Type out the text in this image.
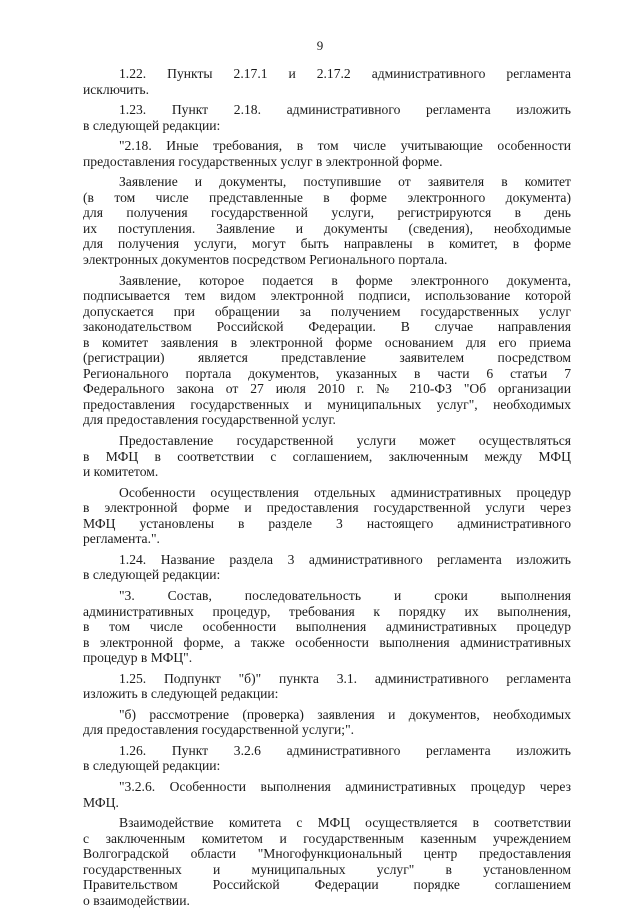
9
1.22. Пункты 2.17.1 и 2.17.2 административного регламента
исключить.
1.23. Пункт 2.18. административного регламента изложить
в следующей редакции:
"2.18. Иные требования, в том числе учитывающие особенности
предоставления государственных услуг в электронной форме.
Заявление и документы, поступившие от заявителя в комитет
(в том числе представленные в форме электронного документа)
для получения государственной услуги, регистрируются в день
их поступления. Заявление и документы (сведения), необходимые
для получения услуги, могут быть направлены в комитет, в форме
электронных документов посредством Регионального портала.
Заявление, которое подается в форме электронного документа,
подписывается тем видом электронной подписи, использование которой
допускается при обращении за получением государственных услуг
законодательством Российской Федерации. В случае направления
в комитет заявления в электронной форме основанием для его приема
(регистрации) является представление заявителем посредством
Регионального портала документов, указанных в части 6 статьи 7
Федерального закона от 27 июля 2010 г. № 210-ФЗ "Об организации
предоставления государственных и муниципальных услуг", необходимых
для предоставления государственной услуг.
Предоставление государственной услуги может осуществляться
в МФЦ в соответствии с соглашением, заключенным между МФЦ
и комитетом.
Особенности осуществления отдельных административных процедур
в электронной форме и предоставления государственной услуги через
МФЦ установлены в разделе 3 настоящего административного
регламента.".
1.24. Название раздела 3 административного регламента изложить
в следующей редакции:
"3. Состав, последовательность и сроки выполнения
административных процедур, требования к порядку их выполнения,
в том числе особенности выполнения административных процедур
в электронной форме, а также особенности выполнения административных
процедур в МФЦ".
1.25. Подпункт "б)" пункта 3.1. административного регламента
изложить в следующей редакции:
"б) рассмотрение (проверка) заявления и документов, необходимых
для предоставления государственной услуги;".
1.26. Пункт 3.2.6 административного регламента изложить
в следующей редакции:
"3.2.6. Особенности выполнения административных процедур через
МФЦ.
Взаимодействие комитета с МФЦ осуществляется в соответствии
с заключенным комитетом и государственным казенным учреждением
Волгоградской области "Многофункциональный центр предоставления
государственных и муниципальных услуг" в установленном
Правительством Российской Федерации порядке соглашением
о взаимодействии.
